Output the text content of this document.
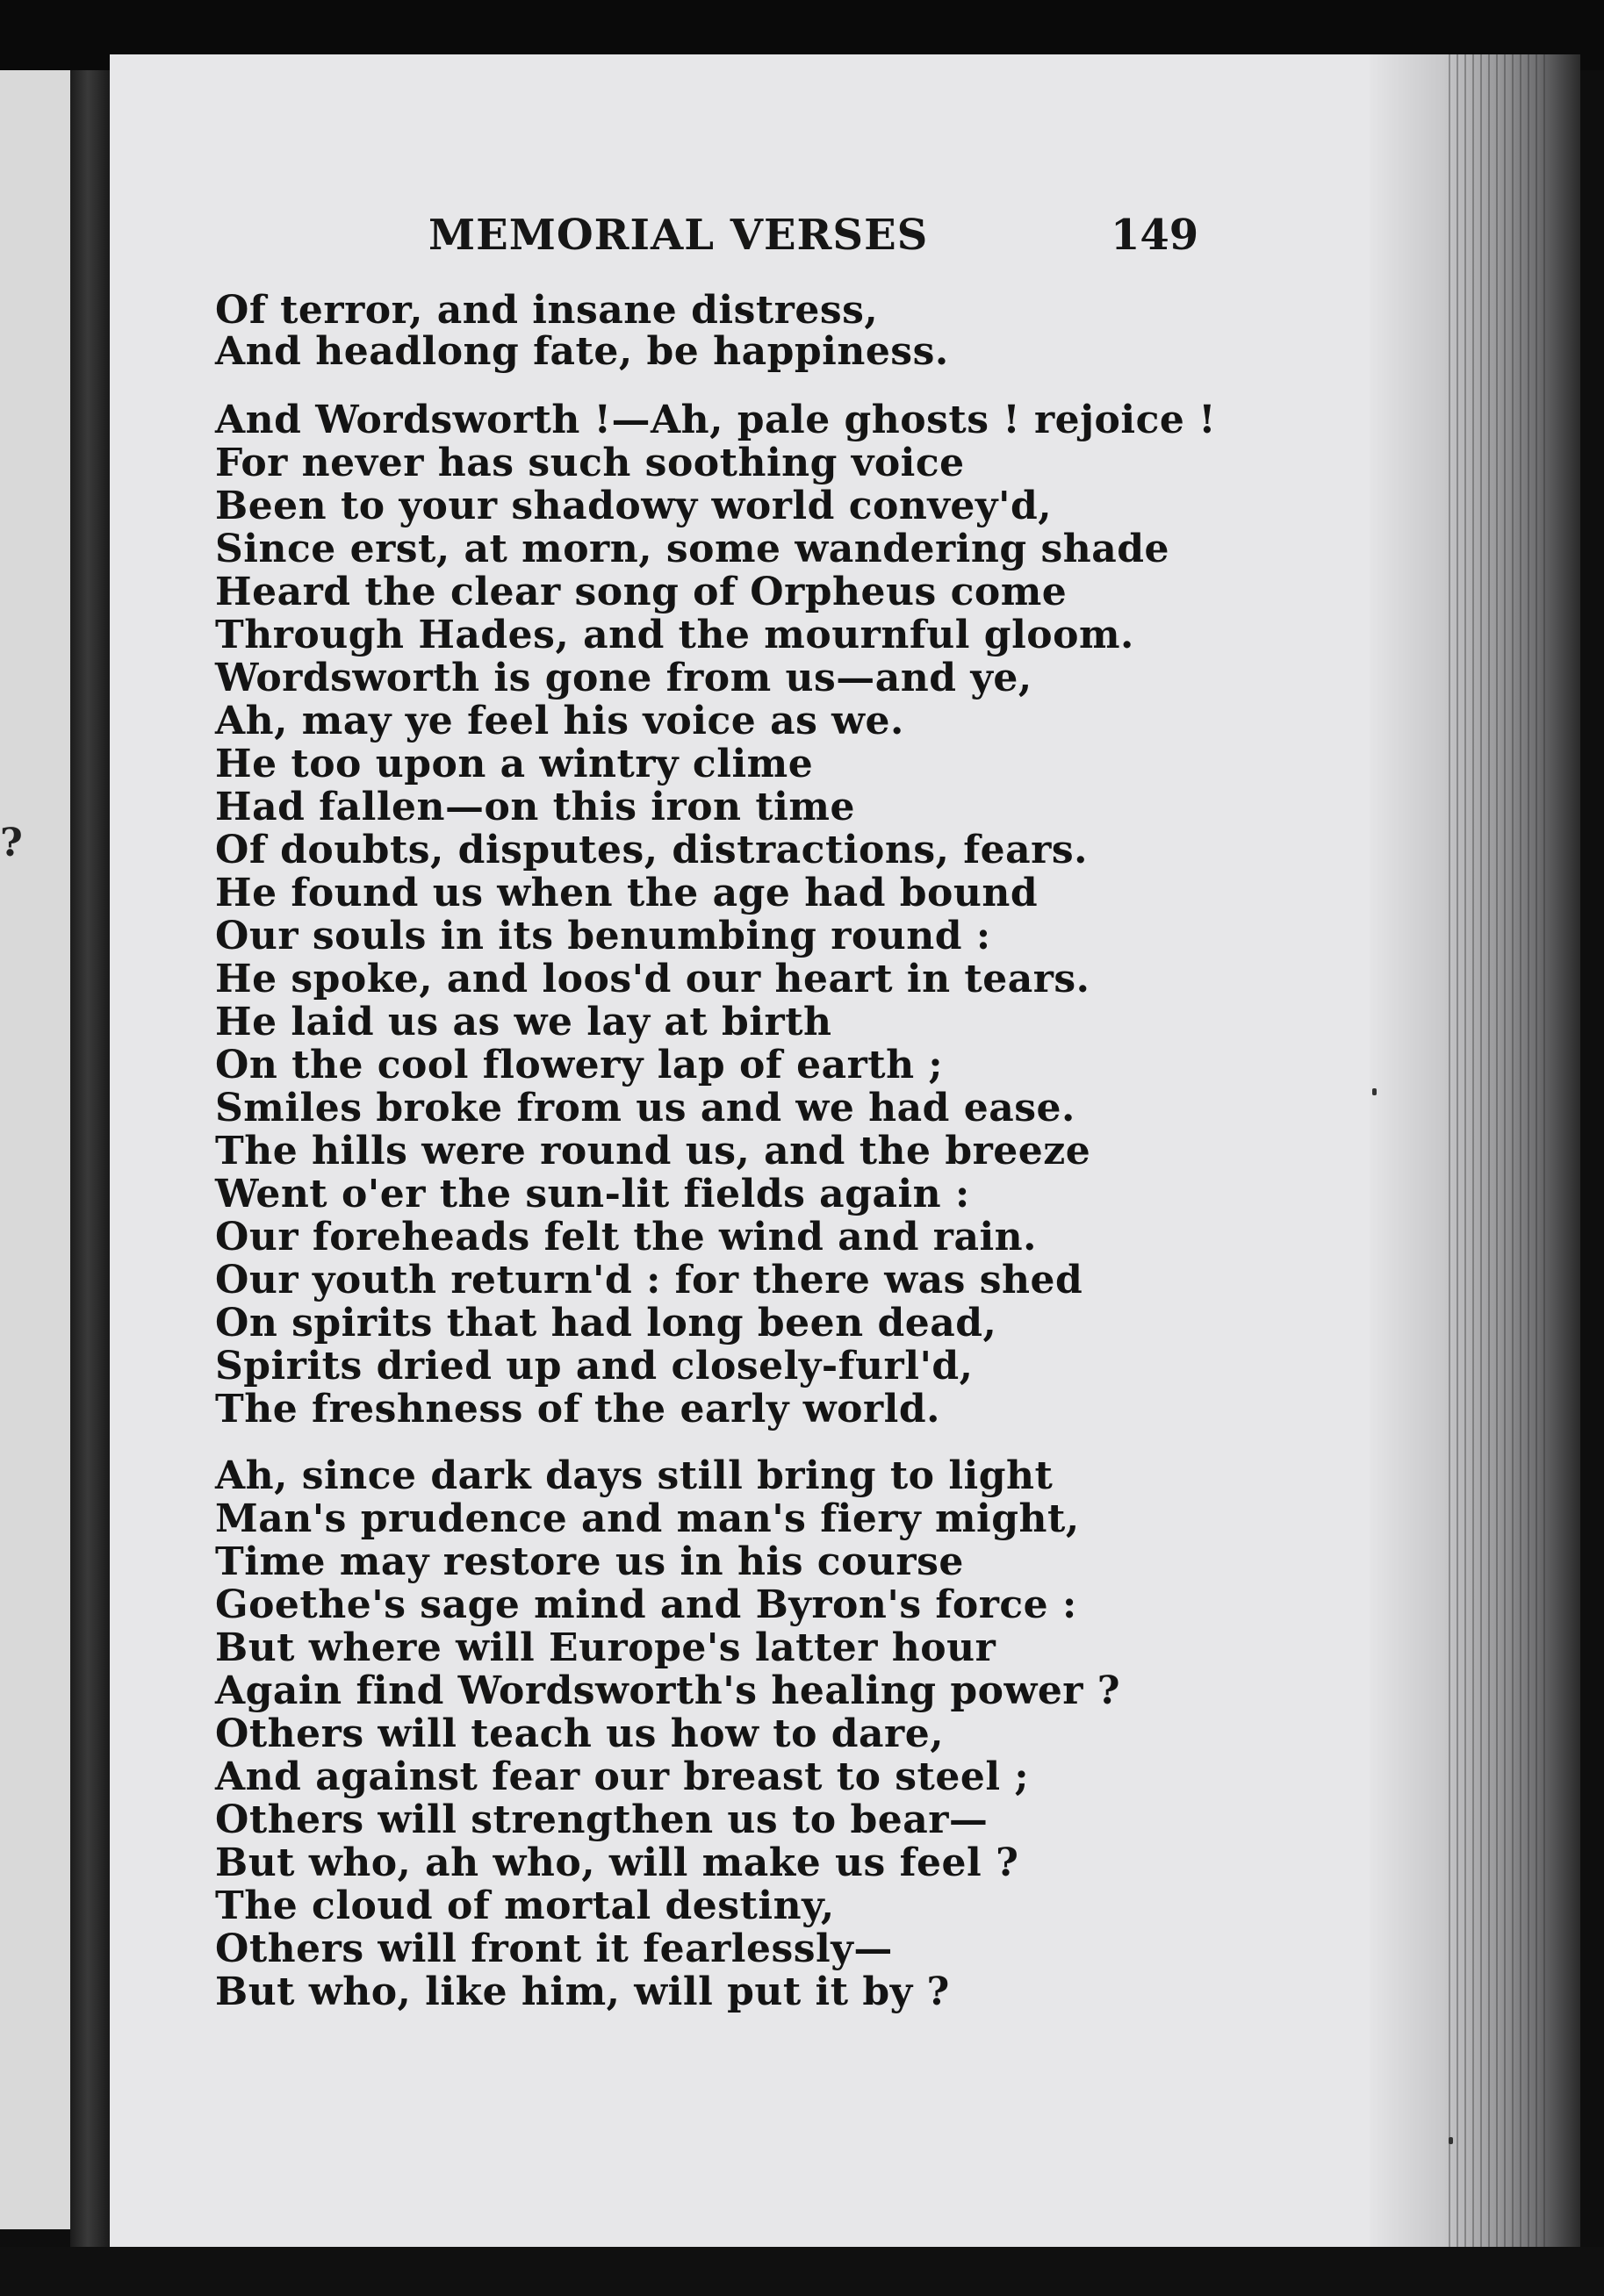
?
MEMORIAL VERSES	149
Of terror, and insane distress,
And headlong fate, be happiness.
And Wordsworth !—Ah, pale ghosts ! rejoice !
For never has such soothing voice
Been to your shadowy world convey'd,
Since erst, at morn, some wandering shade
Heard the clear song of Orpheus come
Through Hades, and the mournful gloom.
Wordsworth is gone from us—and ye,
Ah, may ye feel his voice as we.
He too upon a wintry clime
Had fallen—on this iron time
Of doubts, disputes, distractions, fears.
He found us when the age had bound
Our souls in its benumbing round :
He spoke, and loos'd our heart in tears.
He laid us as we lay at birth
On the cool flowery lap of earth ;
Smiles broke from us and we had ease.
The hills were round us, and the breeze
Went o'er the sun-lit fields again :
Our foreheads felt the wind and rain.
Our youth return'd : for there was shed
On spirits that had long been dead,
Spirits dried up and closely-furl'd,
The freshness of the early world.
Ah, since dark days still bring to light
Man's prudence and man's fiery might,
Time may restore us in his course
Goethe's sage mind and Byron's force :
But where will Europe's latter hour
Again find Wordsworth's healing power ?
Others will teach us how to dare,
And against fear our breast to steel ;
Others will strengthen us to bear—
But who, ah who, will make us feel ?
The cloud of mortal destiny,
Others will front it fearlessly—
But who, like him, will put it by ?
